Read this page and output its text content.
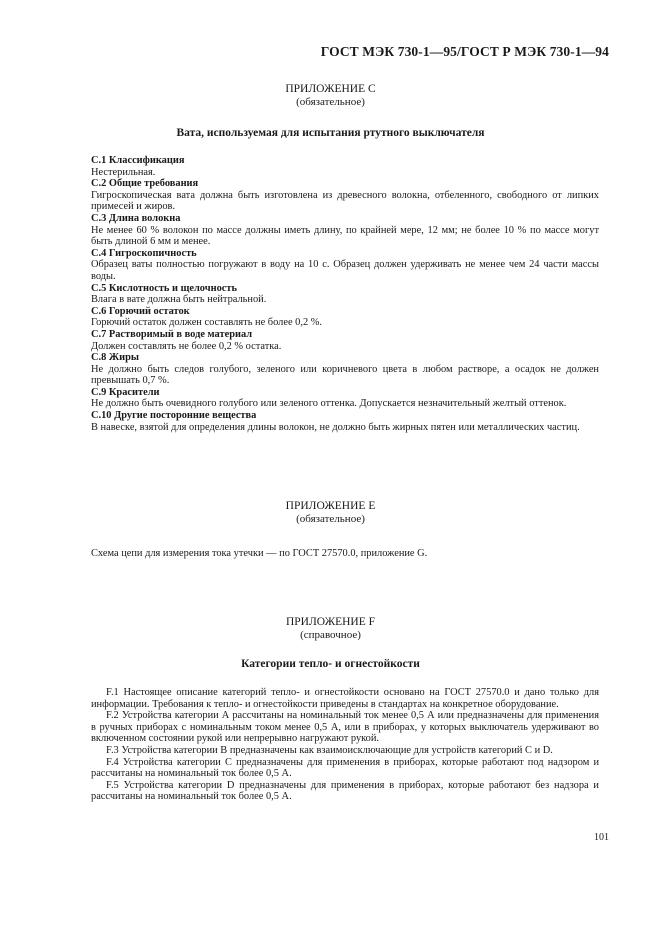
ГОСТ МЭК 730-1—95/ГОСТ Р МЭК 730-1—94
ПРИЛОЖЕНИЕ С
(обязательное)
Вата, используемая для испытания ртутного выключателя
С.1 Классификация
Нестерильная.
С.2 Общие требования
Гигроскопическая вата должна быть изготовлена из древесного волокна, отбеленного, свободного от липких примесей и жиров.
С.3 Длина волокна
Не менее 60 % волокон по массе должны иметь длину, по крайней мере, 12 мм; не более 10 % по массе могут быть длиной 6 мм и менее.
С.4 Гигроскопичность
Образец ваты полностью погружают в воду на 10 с. Образец должен удерживать не менее чем 24 части массы воды.
С.5 Кислотность и щелочность
Влага в вате должна быть нейтральной.
С.6 Горючий остаток
Горючий остаток должен составлять не более 0,2 %.
С.7 Растворимый в воде материал
Должен составлять не более 0,2 % остатка.
С.8 Жиры
Не должно быть следов голубого, зеленого или коричневого цвета в любом растворе, а осадок не должен превышать 0,7 %.
С.9 Красители
Не должно быть очевидного голубого или зеленого оттенка. Допускается незначительный желтый оттенок.
С.10 Другие посторонние вещества
В навеске, взятой для определения длины волокон, не должно быть жирных пятен или металлических частиц.
ПРИЛОЖЕНИЕ Е
(обязательное)
Схема цепи для измерения тока утечки — по ГОСТ 27570.0, приложение G.
ПРИЛОЖЕНИЕ F
(справочное)
Категории тепло- и огнестойкости

F.1 Настоящее описание категорий тепло- и огнестойкости основано на ГОСТ 27570.0 и дано только для информации. Требования к тепло- и огнестойкости приведены в стандартах на конкретное оборудование.

F.2 Устройства категории А рассчитаны на номинальный ток менее 0,5 А или предназначены для применения в ручных приборах с номинальным током менее 0,5 А, или в приборах, у которых выключатель удерживают во включенном состоянии рукой или непрерывно нагружают рукой.

F.3 Устройства категории В предназначены как взаимоисключающие для устройств категорий С и D.

F.4 Устройства категории С предназначены для применения в приборах, которые работают под надзором и рассчитаны на номинальный ток более 0,5 А.

F.5 Устройства категории D предназначены для применения в приборах, которые работают без надзора и рассчитаны на номинальный ток более 0,5 А.

101
